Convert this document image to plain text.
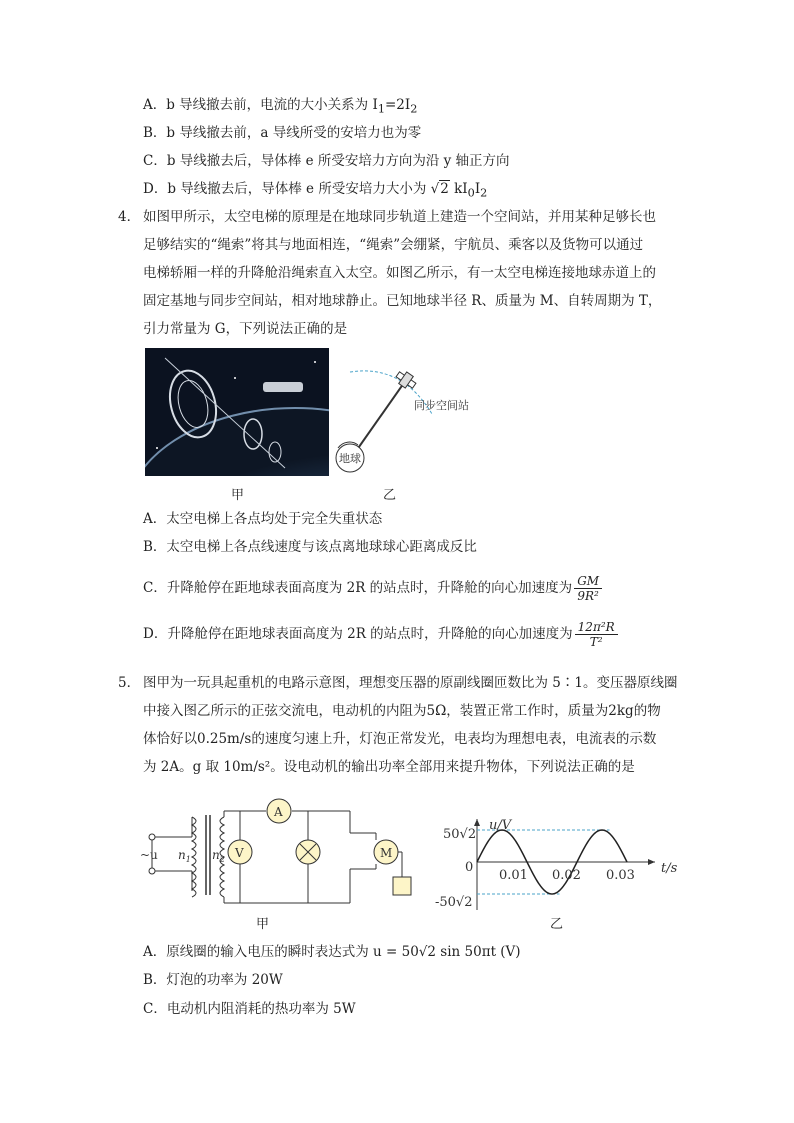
A．b 导线撤去前，电流的大小关系为 $I_1=2I_2$
B．b 导线撤去前，a 导线所受的安培力也为零
C．b 导线撤去后，导体棒 e 所受安培力方向为沿 y 轴正方向
D．b 导线撤去后，导体棒 e 所受安培力大小为 √2 $kI_0I_2$
4． 如图甲所示，太空电梯的原理是在地球同步轨道上建造一个空间站，并用某种足够长也
足够结实的“绳索”将其与地面相连，“绳索”会绷紧，宇航员、乘客以及货物可以通过
电梯轿厢一样的升降舱沿绳索直入太空。如图乙所示，有一太空电梯连接地球赤道上的
固定基地与同步空间站，相对地球静止。已知地球半径 R、质量为 M、自转周期为 T，
引力常量为 G，下列说法正确的是
同步空间站
地球
甲	乙
A．太空电梯上各点均处于完全失重状态
B．太空电梯上各点线速度与该点离地球球心距离成反比
C．升降舱停在距地球表面高度为 2R 的站点时，升降舱的向心加速度为 $\frac{GM}{\text{9R²}}$
D．升降舱停在距地球表面高度为 2R 的站点时，升降舱的向心加速度为 $\frac{\text{12π²R}}{\text{T²}}$
5． 图甲为一玩具起重机的电路示意图，理想变压器的原副线圈匝数比为 5∶1。变压器原线圈
中接入图乙所示的正弦交流电，电动机的内阻为5Ω，装置正常工作时，质量为2kg的物
体恰好以0.25m/s的速度匀速上升，灯泡正常发光，电表均为理想电表，电流表的示数
为 2A。g 取 10m/s²。设电动机的输出功率全部用来提升物体，下列说法正确的是
~u $n_1$ $n_2$ V
A
M
u/V
t/s
50√2
0
-50√2
0.01 0.02 0.03
甲	乙
A．原线圈的输入电压的瞬时表达式为 u = 50√2 sin 50πt (V)
B．灯泡的功率为 20W
C．电动机内阻消耗的热功率为 5W
